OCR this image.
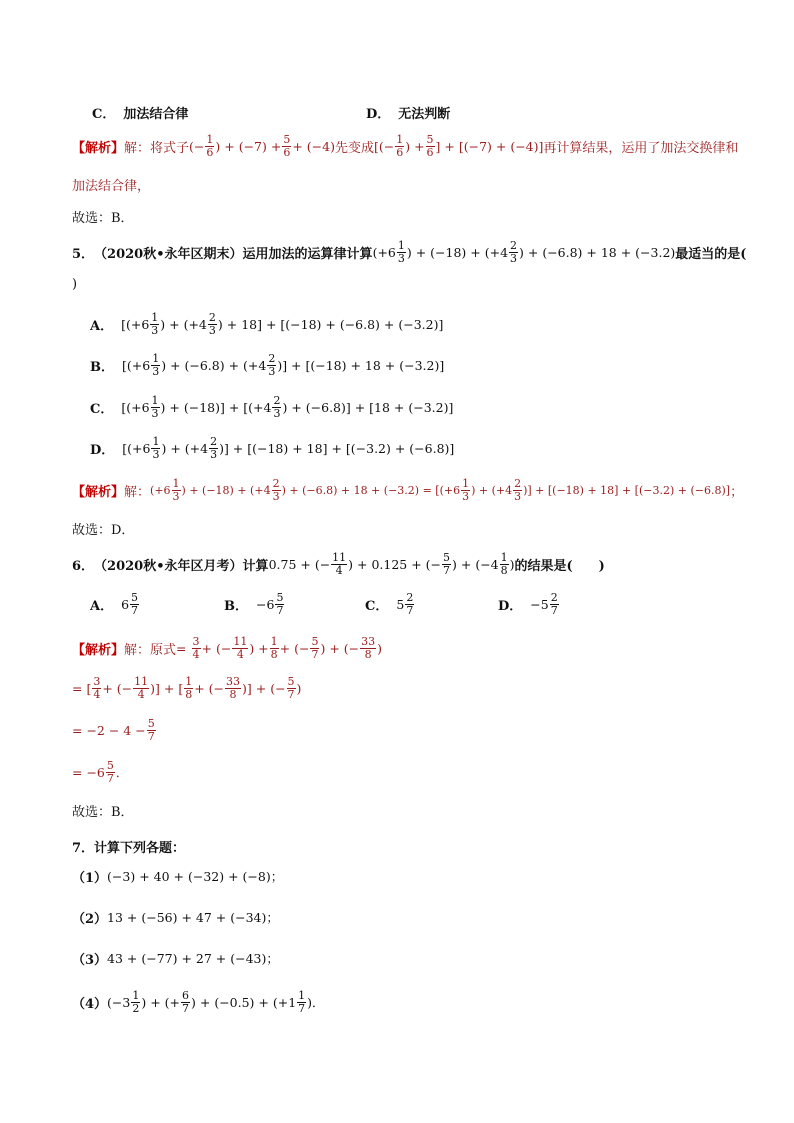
C． 加法结合律	D． 无法判断
【解析】 解：将式子 (− $\frac{1}{6}$ ) + $(-7) + \frac{5}{6} + (-4)$ 先变成 [(− $\frac{1}{6}$ ) + $\frac{5}{6}$ ] + [(−7) + (−4)] 再计算结果，运用了加法交换律和
加法结合律，
故选：B．
5． （2020秋•永年区期末） 运用加法的运算律计算 ($+6 \frac{1}{3}$ ) + $(-18) + (+4 \frac{2}{3}$ ) + (−6.8) + 18 + (−3.2) 最适当的是(
)
A． [($+6 \frac{1}{3}$ ) + ($+4 \frac{2}{3}$ ) + 18] + [(−18) + (−6.8) + (−3.2)]
B． [($+6 \frac{1}{3}$ ) + $(-6.8) + (+4 \frac{2}{3}$ )] + [(−18) + 18 + (−3.2)]
C． [($+6 \frac{1}{3}$ ) + $(-18)] + [(+4 \frac{2}{3}$ ) + (−6.8)] + [18 + (−3.2)]
D． [($+6 \frac{1}{3}$ ) + ($+4 \frac{2}{3}$ )] + [(−18) + 18] + [(−3.2) + (−6.8)]
【解析】 解： ($+6 \frac{1}{3}$ ) + $(-18) + (+4 \frac{2}{3}$ ) + $(-6.8) + 18 + (-3.2) = [(+6 \frac{1}{3}$ ) + ($+4 \frac{2}{3}$ )] + [(−18) + 18] + [(−3.2) + (−6.8)] ；
故选：D．
6． （2020秋•永年区月考） 计算 0.75 + (− $\frac{11}{4}$ ) + 0.125 + (− $\frac{5}{7}$ ) + ($-4 \frac{1}{8}$ ) 的结果是(　　)
A． $6 \frac{5}{7}$	B． $-6 \frac{5}{7}$	C． $5 \frac{2}{7}$	D． $-5 \frac{2}{7}$
【解析】 解：原式 = $\frac{3}{4}$ + (− $\frac{11}{4}$ ) + $\frac{1}{8}$ + (− $\frac{5}{7}$ ) + (− $\frac{33}{8}$ )
= [ $\frac{3}{4}$ + (− $\frac{11}{4}$ )] + [ $\frac{1}{8}$ + (− $\frac{33}{8}$ )] + (− $\frac{5}{7}$ )
= $-2 - 4 - \frac{5}{7}$
= $-6 \frac{5}{7}$ ．
故选：B．
7． 计算下列各题：
（1） (−3) + 40 + (−32) + (−8)；
（2） 13 + (−56) + 47 + (−34)；
（3） 43 + (−77) + 27 + (−43)；
（4） ($-3 \frac{1}{2}$ ) + (+ $\frac{6}{7}$ ) + $(-0.5) + (+1 \frac{1}{7}$ )．
